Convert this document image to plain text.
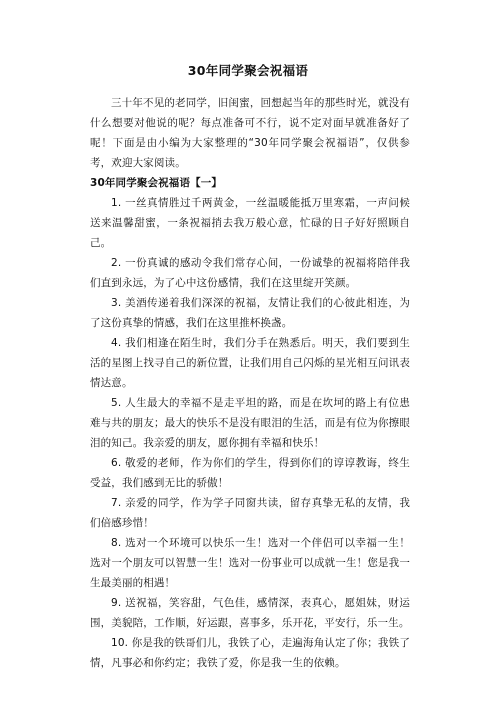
30年同学聚会祝福语

三十年不见的老同学，旧闺蜜，回想起当年的那些时光，就没有什么想要对他说的呢？每点准备可不行，说不定对面早就准备好了呢！下面是由小编为大家整理的“30年同学聚会祝福语”，仅供参考，欢迎大家阅读。

30年同学聚会祝福语【一】

1. 一丝真情胜过千两黄金，一丝温暖能抵万里寒霜，一声问候送来温馨甜蜜，一条祝福捎去我万般心意，忙碌的日子好好照顾自己。

2. 一份真诚的感动令我们常存心间，一份诚挚的祝福将陪伴我们直到永远，为了心中这份感情，我们在这里绽开笑颜。

3. 美酒传递着我们深深的祝福，友情让我们的心彼此相连，为了这份真挚的情感，我们在这里推杯换盏。

4. 我们相逢在陌生时，我们分手在熟悉后。明天，我们要到生活的星图上找寻自己的新位置，让我们用自己闪烁的星光相互问讯表情达意。

5. 人生最大的幸福不是走平坦的路，而是在坎坷的路上有位患难与共的朋友；最大的快乐不是没有眼泪的生活，而是有位为你擦眼泪的知己。我亲爱的朋友，愿你拥有幸福和快乐！

6. 敬爱的老师，作为你们的学生，得到你们的谆谆教诲，终生受益，我们感到无比的骄傲！

7. 亲爱的同学，作为学子同窗共读，留存真挚无私的友情，我们倍感珍惜！

8. 选对一个环境可以快乐一生！选对一个伴侣可以幸福一生！选对一个朋友可以智慧一生！选对一份事业可以成就一生！您是我一生最美丽的相遇！

9. 送祝福，笑容甜，气色佳，感情深，表真心，愿姐妹，财运围，美貌陪，工作顺，好运跟，喜事多，乐开花，平安行，乐一生。

10. 你是我的铁哥们儿，我铁了心，走遍海角认定了你；我铁了情，凡事必和你约定；我铁了爱，你是我一生的依赖。
